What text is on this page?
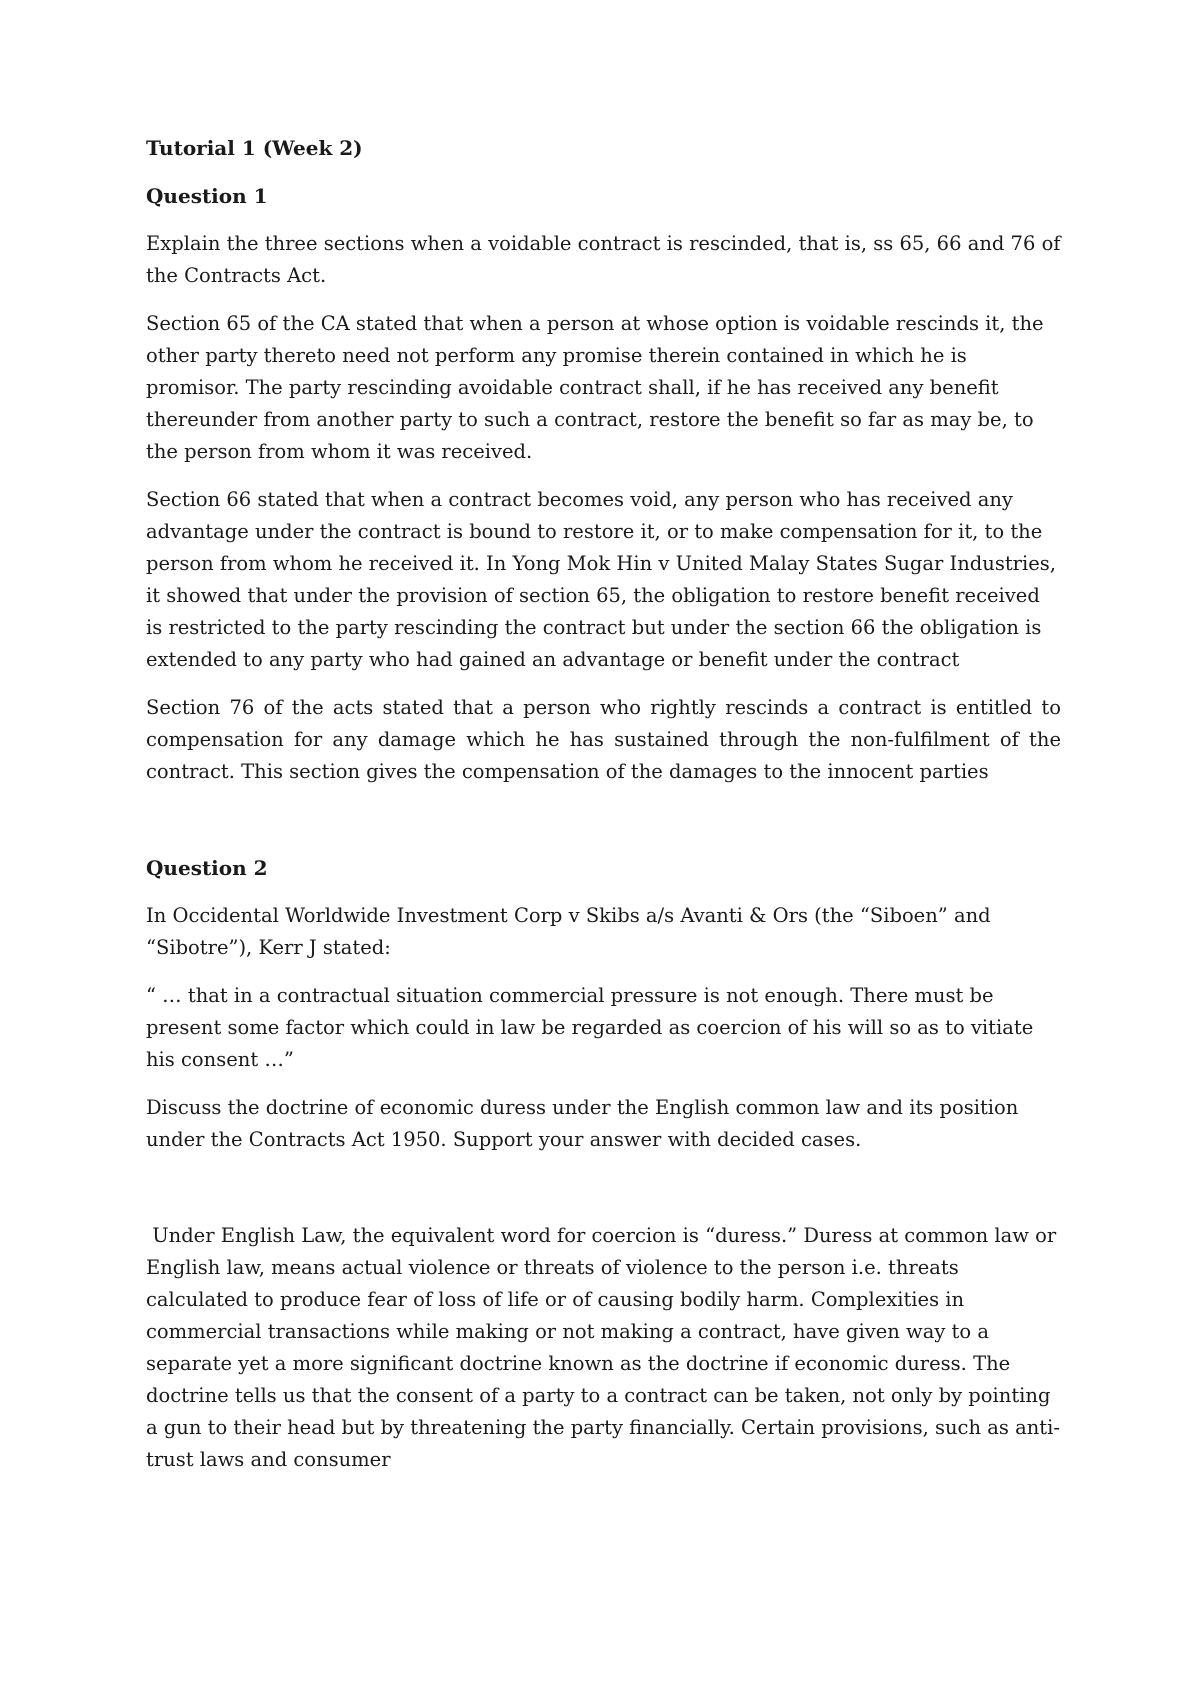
Tutorial 1 (Week 2)

Question 1

Explain the three sections when a voidable contract is rescinded, that is, ss 65, 66 and 76 of the Contracts Act.

Section 65 of the CA stated that when a person at whose option is voidable rescinds it, the other party thereto need not perform any promise therein contained in which he is promisor. The party rescinding avoidable contract shall, if he has received any benefit thereunder from another party to such a contract, restore the benefit so far as may be, to the person from whom it was received.

Section 66 stated that when a contract becomes void, any person who has received any advantage under the contract is bound to restore it, or to make compensation for it, to the person from whom he received it. In Yong Mok Hin v United Malay States Sugar Industries, it showed that under the provision of section 65, the obligation to restore benefit received is restricted to the party rescinding the contract but under the section 66 the obligation is extended to any party who had gained an advantage or benefit under the contract

Section 76 of the acts stated that a person who rightly rescinds a contract is entitled to compensation for any damage which he has sustained through the non-fulfilment of the contract. This section gives the compensation of the damages to the innocent parties

Question 2

In Occidental Worldwide Investment Corp v Skibs a/s Avanti & Ors (the “Siboen” and “Sibotre”), Kerr J stated:

“ … that in a contractual situation commercial pressure is not enough. There must be present some factor which could in law be regarded as coercion of his will so as to vitiate his consent …”

Discuss the doctrine of economic duress under the English common law and its position under the Contracts Act 1950. Support your answer with decided cases.

Under English Law, the equivalent word for coercion is “duress.” Duress at common law or English law, means actual violence or threats of violence to the person i.e. threats calculated to produce fear of loss of life or of causing bodily harm. Complexities in commercial transactions while making or not making a contract, have given way to a separate yet a more significant doctrine known as the doctrine if economic duress. The doctrine tells us that the consent of a party to a contract can be taken, not only by pointing a gun to their head but by threatening the party financially. Certain provisions, such as anti-trust laws and consumer
